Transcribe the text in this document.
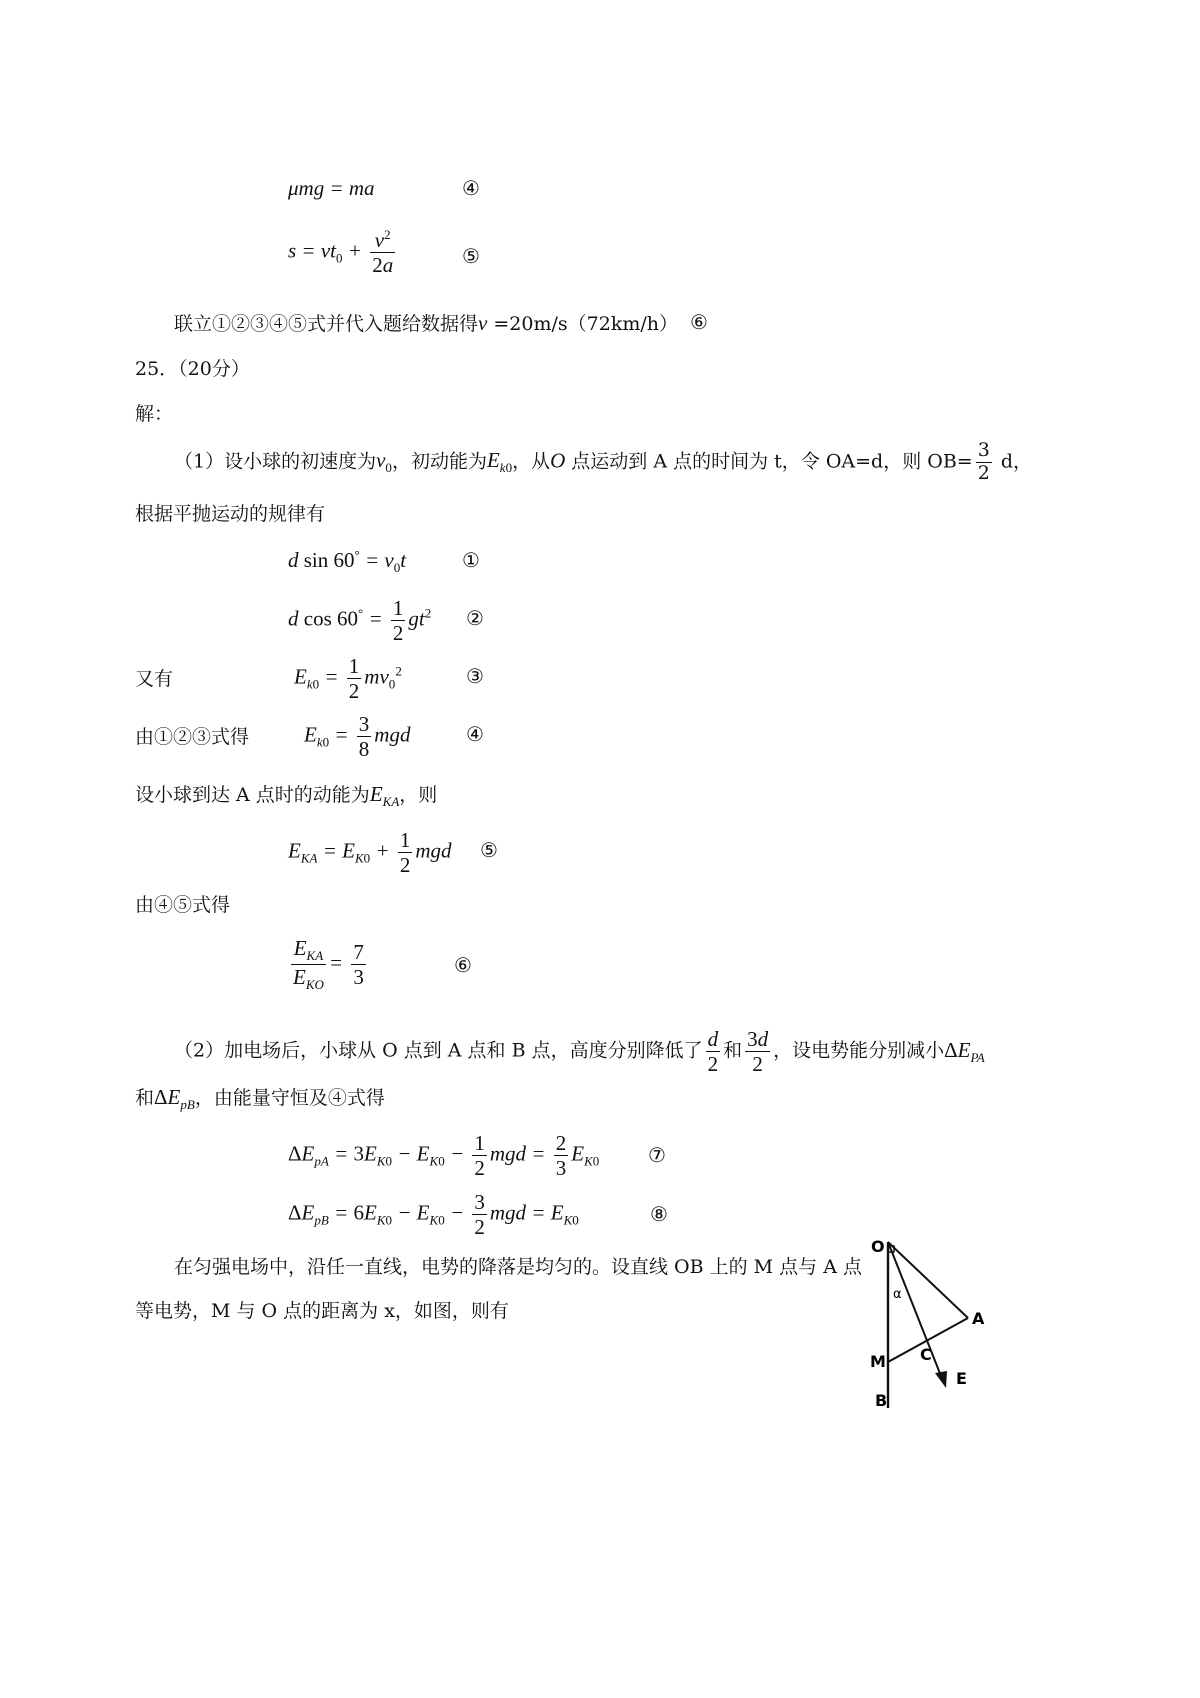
μmg = ma	④
$s = vt_0 + \frac{v^2}{2a}$	⑤
联立①②③④⑤式并代入题给数据得v =20m/s（72km/h） ⑥
25．（20分）
解：
（1）设小球的初速度为$v_0$，初动能为$E_{k0}$，从O 点运动到 A 点的时间为 t，令 OA=d，则 $OB= \frac{3}{2}$ d，
根据平抛运动的规律有
d $\sin 60^\circ = v_0t$	①
d $\cos 60^\circ = \frac{1}{2} gt^2$ ②
又有	$E_{k0} = \frac{1}{2} mv_0^2$	③
由①②③式得	$E_{k0} = \frac{3}{8}$ mgd	④
设小球到达 A 点时的动能为$E_{KA}$，则
$E_{KA} = E_{K0} + \frac{1}{2}$ mgd ⑤
由④⑤式得
$\frac{E_{KA}}{E_{KO}} = \frac{7}{3}$	⑥
（2）加电场后，小球从 O 点到 A 点和 B 点，高度分别降低了 $\frac{d}{2}$ 和 $\frac{3d}{2}$ ，设电势能分别减小$\Delta E_{PA}$
和$\Delta E_{pB}$，由能量守恒及④式得
$\Delta E_{pA} = 3E_{K0} - E_{K0} - \frac{1}{2}$ mgd = $\frac{2}{3} E_{K0}$ ⑦
$\Delta E_{pB} = 6E_{K0} - E_{K0} - \frac{3}{2}$ mgd = $E_{K0}$	⑧
在匀强电场中，沿任一直线，电势的降落是均匀的。设直线 OB 上的 M 点与 A 点
等电势，M 与 O 点的距离为 x，如图，则有
O
α
A
M C
E
B
